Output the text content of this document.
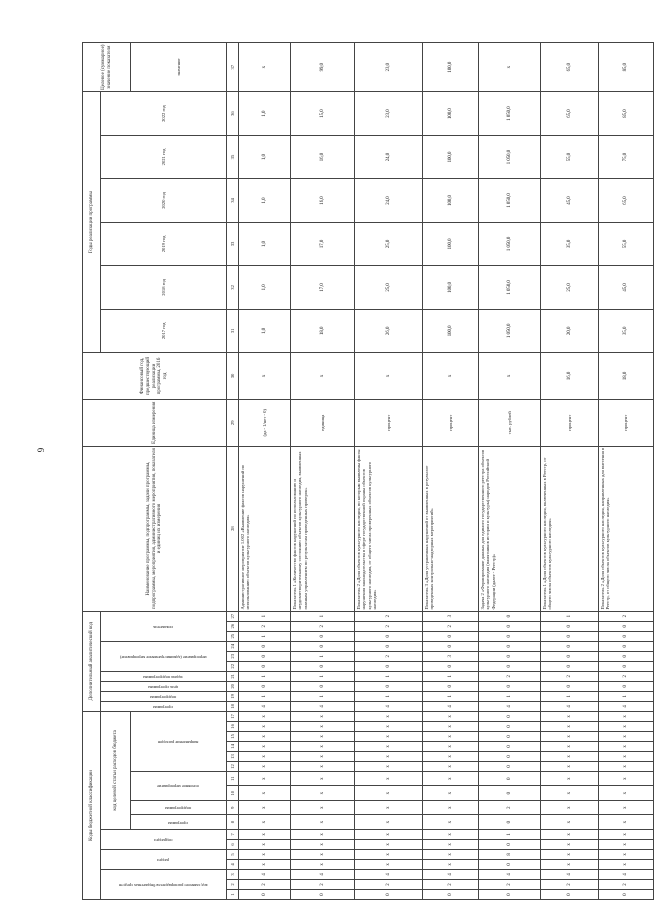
6
Коды бюджетной классификации																	Дополнительный аналитический код										Наименование программы, подпрограммы, задачи программы, подпрограммы, мероприятия, административного мероприятия, показателя и единиц их измерения	Единица измерения	Финансовый год, предшествующий реализации программы, 2016 год	Годы реализации программы						Целевое (суммарное) значение показателя
код главного распорядителя бюджетных средств			раздел		подраздел		код целевой статьи расходов бюджета										программа	подпрограмма	цель программы	задача подпрограммы	мероприятие (административное мероприятие)			показатель						2017 год	2018 год	2019 год	2020 год	2021 год	2022 год	
							программа	подпрограмма	основное мероприятие		направление расходов																									значение
1	2	3	4	5	6	7	8	9	10	11	12	13	14	15	16	17	18	19	20	21	22	23	24	25	26	27	28	29	30	31	32	33	34	35	36	37
0	2	4	х	х	х	х	х	х	х	х	х	х	х	х	х	х	4	1	0	1	0	0	0	1	2	1	Административное мероприятие 1.002 «Выявление фактов нарушений по использованию объектов культурного наследия»	(да - 1/нет - 0)	х	1,0	1,0	1,0	1,0	1,0	1,0	х
0	2	4	х	х	х	х	х	х	х	х	х	х	х	х	х	х	4	1	0	1	0	1	0	0	2	1	Показатель 1 «Количество фактов нарушений по использованию и неудовлетворительному состоянию объектов культурного наследия, выявленных главным управлением по результатам проведенных проверок»	единица	х	18,0	17,0	17,0	16,0	16,0	15,0	99,0
0	2	4	х	х	х	х	х	х	х	х	х	х	х	х	х	х	4	1	0	1	0	2	0	0	2	2	Показатель 2 «Доля объектов культурного наследия, по которым выявлены факты нарушения законодательства в сфере государственной охраны объектов культурного наследия, от общего числа проверенных объектов культурного наследия»	процент	х	26,0	25,0	25,0	24,0	24,0	23,0	23,0
0	2	4	х	х	х	х	х	х	х	х	х	х	х	х	х	х	4	1	0	1	0	3	0	0	2	3	Показатель 3 «Доля устраненных нарушений от выявленных в результате проведенных контрольно-надзорных мероприятий»	процент	х	100,0	100,0	100,0	100,0	100,0	100,0	100,0
0	2	4	0	8	0	1	0	2	0	0	0	0	0	0	0	0	4	1	0	2	0	0	0	0	0	0	Задача 2 «Формирование данных для единого государственного реестра объектов культурного наследия (памятников истории и культуры) народов Российской Федерации (далее - Реестр)»	тыс. рублей	х	1 050,0	1 050,0	1 050,0	1 050,0	1 050,0	1 050,0	х
0	2	4	х	х	х	х	х	х	х	х	х	х	х	х	х	х	4	1	0	2	0	0	0	0	0	1	Показатель 1 «Доля объектов культурного наследия, включенных в Реестр, от общего числа объектов культурного наследия»	процент	16,0	20,0	25,0	35,0	45,0	55,0	65,0	65,0
0	2	4	х	х	х	х	х	х	х	х	х	х	х	х	х	х	4	1	0	2	0	0	0	0	0	2	Показатель 2 «Доля объектов культурного наследия, направленных для внесения в Реестр, от общего числа объектов культурного наследия»	процент	18,0	35,0	45,0	55,0	65,0	75,0	85,0	85,0
